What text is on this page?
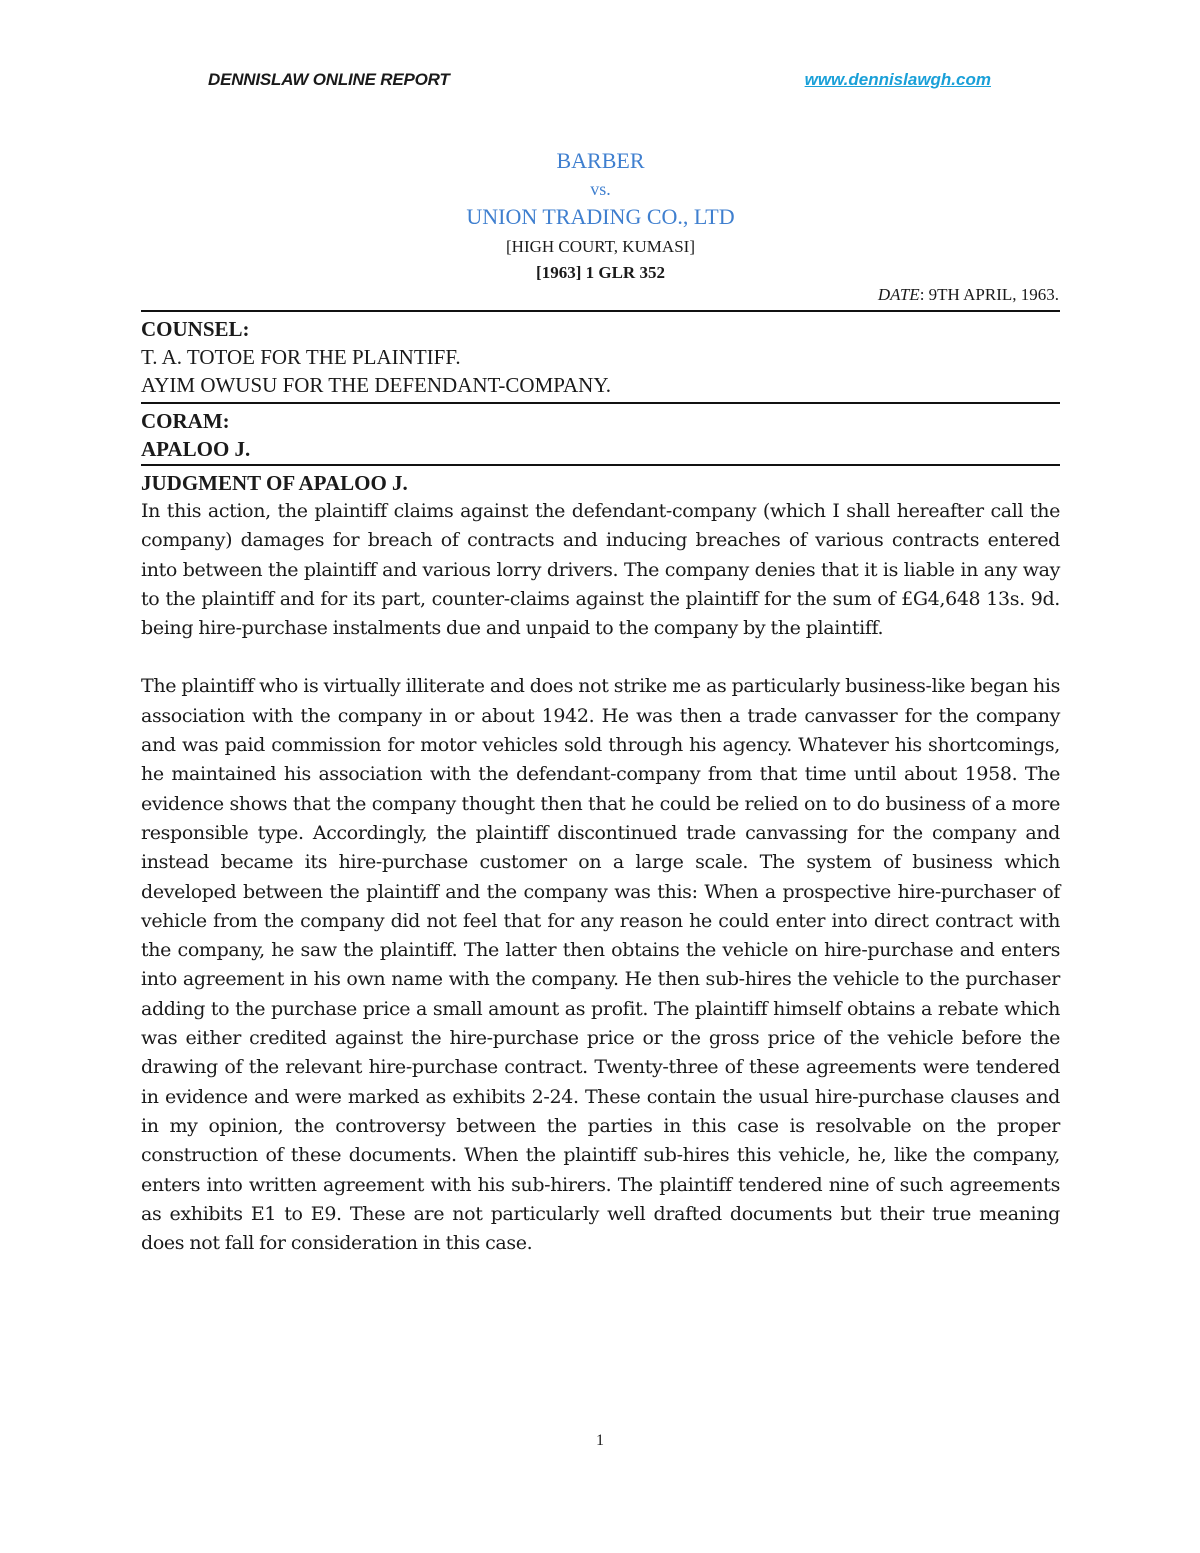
DENNISLAW ONLINE REPORT	www.dennislawgh.com
BARBER
vs.
UNION TRADING CO., LTD
[HIGH COURT, KUMASI]
[1963] 1 GLR 352
DATE: 9TH APRIL, 1963.
COUNSEL:
T. A. TOTOE FOR THE PLAINTIFF.
AYIM OWUSU FOR THE DEFENDANT-COMPANY.
CORAM:
APALOO J.
JUDGMENT OF APALOO J.

In this action, the plaintiff claims against the defendant-company (which I shall hereafter call the company) damages for breach of contracts and inducing breaches of various contracts entered into between the plaintiff and various lorry drivers. The company denies that it is liable in any way to the plaintiff and for its part, counter-claims against the plaintiff for the sum of £G4,648 13s. 9d. being hire-purchase instalments due and unpaid to the company by the plaintiff.

The plaintiff who is virtually illiterate and does not strike me as particularly business-like began his association with the company in or about 1942. He was then a trade canvasser for the company and was paid commission for motor vehicles sold through his agency. Whatever his shortcomings, he maintained his association with the defendant-company from that time until about 1958. The evidence shows that the company thought then that he could be relied on to do business of a more responsible type. Accordingly, the plaintiff discontinued trade canvassing for the company and instead became its hire-purchase customer on a large scale. The system of business which developed between the plaintiff and the company was this: When a prospective hire-purchaser of vehicle from the company did not feel that for any reason he could enter into direct contract with the company, he saw the plaintiff. The latter then obtains the vehicle on hire-purchase and enters into agreement in his own name with the company. He then sub-hires the vehicle to the purchaser adding to the purchase price a small amount as profit. The plaintiff himself obtains a rebate which was either credited against the hire-purchase price or the gross price of the vehicle before the drawing of the relevant hire-purchase contract. Twenty-three of these agreements were tendered in evidence and were marked as exhibits 2-24. These contain the usual hire-purchase clauses and in my opinion, the controversy between the parties in this case is resolvable on the proper construction of these documents. When the plaintiff sub-hires this vehicle, he, like the company, enters into written agreement with his sub-hirers. The plaintiff tendered nine of such agreements as exhibits E1 to E9. These are not particularly well drafted documents but their true meaning does not fall for consideration in this case.

1
